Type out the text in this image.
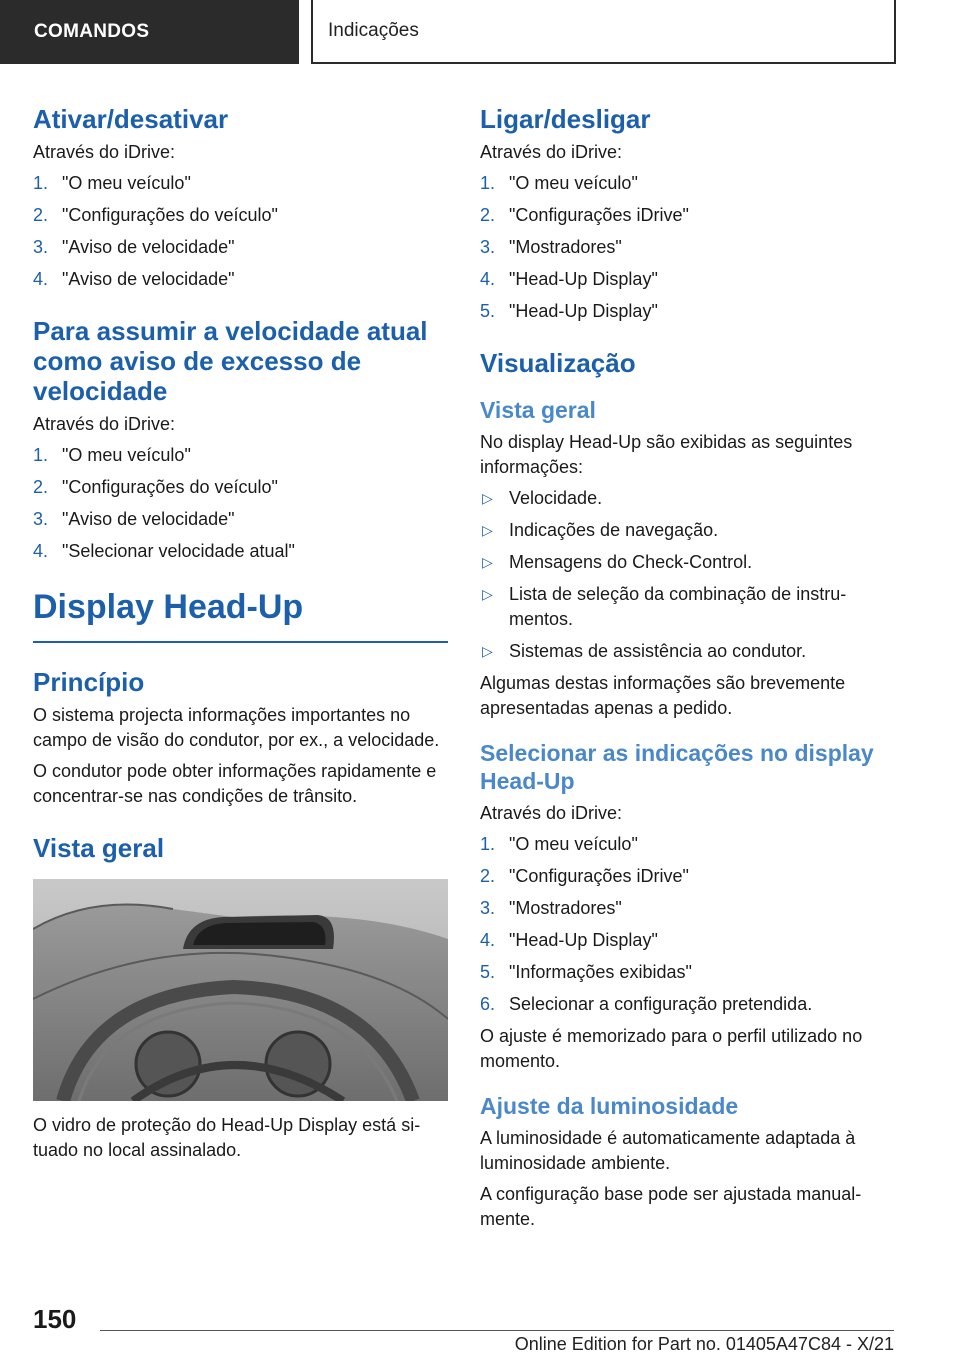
COMANDOS	Indicações
Ativar/desativar

Através do iDrive:

1. "O meu veículo"
2. "Configurações do veículo"
3. "Aviso de velocidade"
4. "Aviso de velocidade"
Para assumir a velocidade atual como aviso de excesso de velocidade

Através do iDrive:

1. "O meu veículo"
2. "Configurações do veículo"
3. "Aviso de velocidade"
4. "Selecionar velocidade atual"
Display Head-Up
Princípio

O sistema projecta informações importantes no campo de visão do condutor, por ex., a velocidade.

O condutor pode obter informações rapidamente e concentrar-se nas condições de trânsito.

Vista geral

O vidro de proteção do Head-Up Display está situado no local assinalado.

Ligar/desligar

Através do iDrive:

1. "O meu veículo"
2. "Configurações iDrive"
3. "Mostradores"
4. "Head-Up Display"
5. "Head-Up Display"
Visualização
Vista geral

No display Head-Up são exibidas as seguintes informações:

▷ Velocidade.
▷ Indicações de navegação.
▷ Mensagens do Check-Control.
▷ Lista de seleção da combinação de instrumentos.
▷ Sistemas de assistência ao condutor.

Algumas destas informações são brevemente apresentadas apenas a pedido.

Selecionar as indicações no display Head-Up

Através do iDrive:

1. "O meu veículo"
2. "Configurações iDrive"
3. "Mostradores"
4. "Head-Up Display"
5. "Informações exibidas"
6. Selecionar a configuração pretendida.

O ajuste é memorizado para o perfil utilizado no momento.

Ajuste da luminosidade

A luminosidade é automaticamente adaptada à luminosidade ambiente.

A configuração base pode ser ajustada manualmente.

150
Online Edition for Part no. 01405A47C84 - X/21
